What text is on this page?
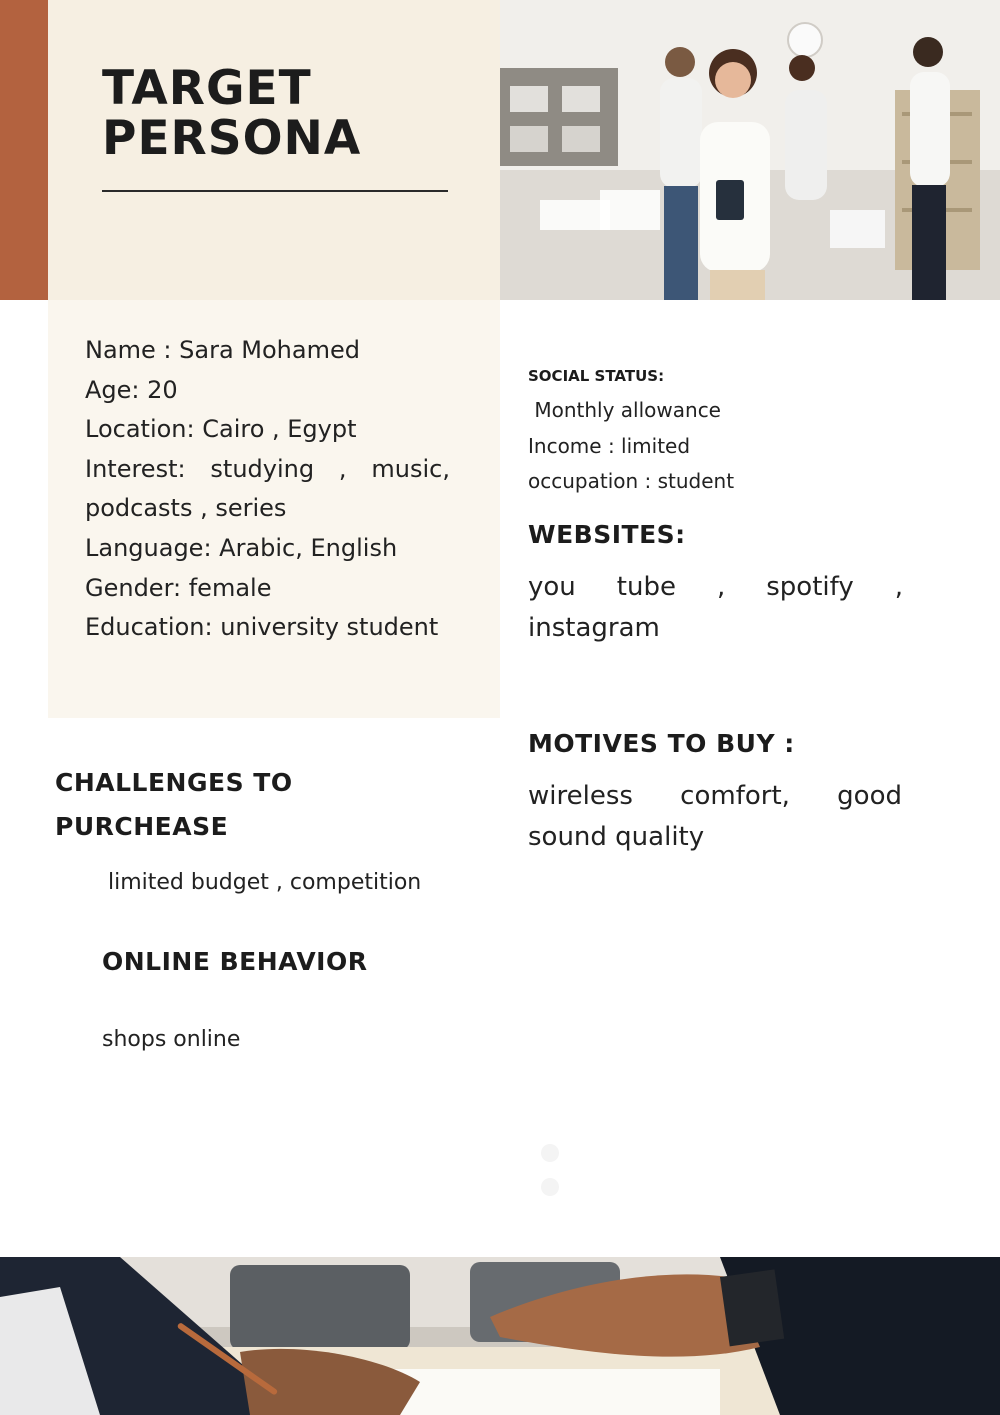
TARGET
PERSONA
Name : Sara Mohamed
Age: 20
Location: Cairo , Egypt
Interest: studying , music, podcasts , series
Language: Arabic, English
Gender: female
Education: university student
SOCIAL STATUS:
Monthly allowance
Income : limited
occupation : student
WEBSITES:
you tube , spotify , instagram
MOTIVES TO BUY :
wireless comfort, good sound quality
CHALLENGES TO
PURCHEASE
limited budget , competition
ONLINE BEHAVIOR
shops online
